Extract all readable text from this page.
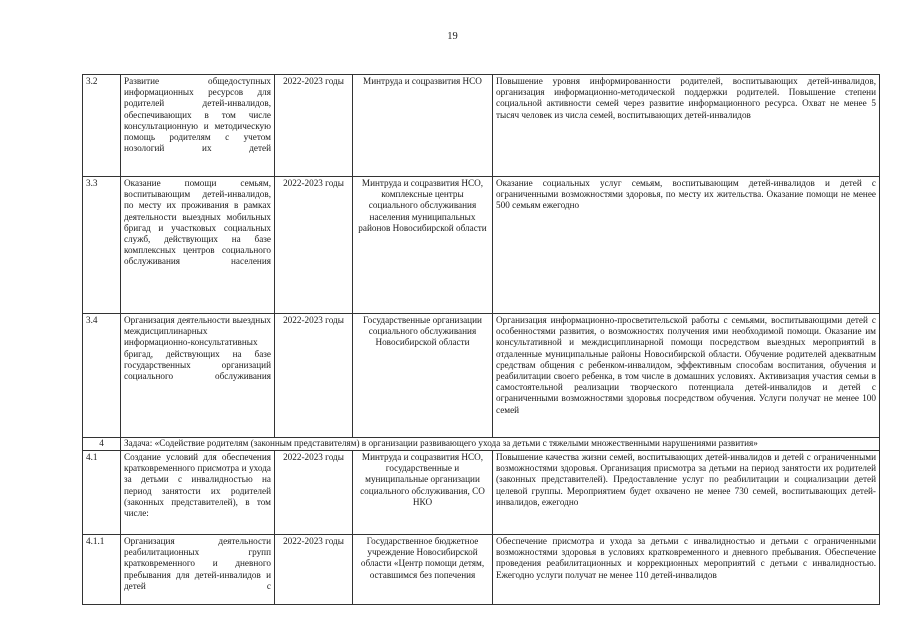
19
3.2	Развитие общедоступных информационных ресурсов для родителей детей-инвалидов, обеспечивающих в том числе консультационную и методическую помощь родителям с учетом нозологий их детей	2022-2023 годы	Минтруда и соцразвития НСО	Повышение уровня информированности родителей, воспитывающих детей-инвалидов, организация информационно-методической поддержки родителей. Повышение степени социальной активности семей через развитие информационного ресурса. Охват не менее 5 тысяч человек из числа семей, воспитывающих детей-инвалидов
3.3	Оказание помощи семьям, воспитывающим детей-инвалидов, по месту их проживания в рамках деятельности выездных мобильных бригад и участковых социальных служб, действующих на базе комплексных центров социального обслуживания населения	2022-2023 годы	Минтруда и соцразвития НСО, комплексные центры социального обслуживания населения муниципальных районов Новосибирской области	Оказание социальных услуг семьям, воспитывающим детей-инвалидов и детей с ограниченными возможностями здоровья, по месту их жительства. Оказание помощи не менее 500 семьям ежегодно
3.4	Организация деятельности выездных междисциплинарных информационно-консультативных бригад, действующих на базе государственных организаций социального обслуживания	2022-2023 годы	Государственные организации социального обслуживания Новосибирской области	Организация информационно-просветительской работы с семьями, воспитывающими детей с особенностями развития, о возможностях получения ими необходимой помощи. Оказание им консультативной и междисциплинарной помощи посредством выездных мероприятий в отдаленные муниципальные районы Новосибирской области. Обучение родителей адекватным средствам общения с ребенком-инвалидом, эффективным способам воспитания, обучения и реабилитации своего ребенка, в том числе в домашних условиях. Активизация участия семьи в самостоятельной реализации творческого потенциала детей-инвалидов и детей с ограниченными возможностями здоровья посредством обучения. Услуги получат не менее 100 семей
4	Задача: «Содействие родителям (законным представителям) в организации развивающего ухода за детьми с тяжелыми множественными нарушениями развития»			
4.1	Создание условий для обеспечения кратковременного присмотра и ухода за детьми с инвалидностью на период занятости их родителей (законных представителей), в том числе:	2022-2023 годы	Минтруда и соцразвития НСО, государственные и муниципальные организации социального обслуживания, СО НКО	Повышение качества жизни семей, воспитывающих детей-инвалидов и детей с ограниченными возможностями здоровья. Организация присмотра за детьми на период занятости их родителей (законных представителей). Предоставление услуг по реабилитации и социализации детей целевой группы. Мероприятием будет охвачено не менее 730 семей, воспитывающих детей-инвалидов, ежегодно
4.1.1	Организация деятельности реабилитационных групп кратковременного и дневного пребывания для детей-инвалидов и детей с	2022-2023 годы	Государственное бюджетное учреждение Новосибирской области «Центр помощи детям, оставшимся без попечения	Обеспечение присмотра и ухода за детьми с инвалидностью и детьми с ограниченными возможностями здоровья в условиях кратковременного и дневного пребывания. Обеспечение проведения реабилитационных и коррекционных мероприятий с детьми с инвалидностью. Ежегодно услуги получат не менее 110 детей-инвалидов
